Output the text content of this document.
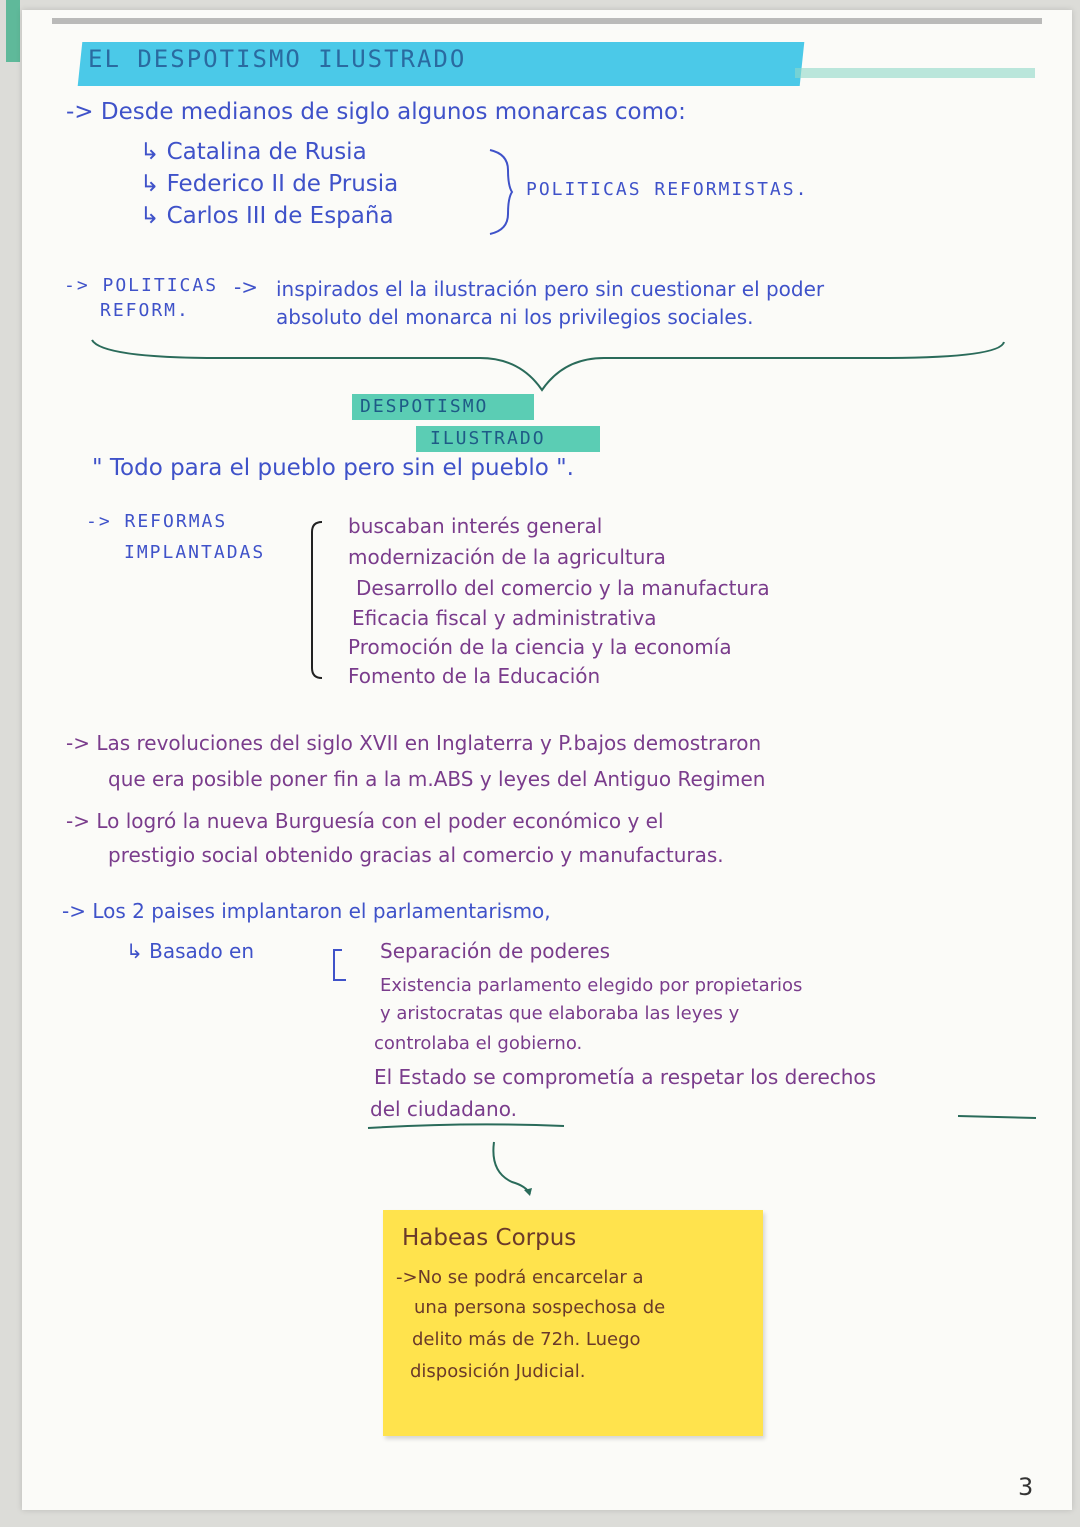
EL DESPOTISMO ILUSTRADO
-> Desde medianos de siglo algunos monarcas como:
↳ Catalina de Rusia
↳ Federico II de Prusia
↳ Carlos III de España
POLITICAS REFORMISTAS.
-> POLITICAS
REFORM.
-> inspirados el la ilustración pero sin cuestionar el poder
absoluto del monarca ni los privilegios sociales.
DESPOTISMO
ILUSTRADO
" Todo para el pueblo pero sin el pueblo ".
-> REFORMAS
IMPLANTADAS
buscaban interés general
modernización de la agricultura
Desarrollo del comercio y la manufactura
Eficacia fiscal y administrativa
Promoción de la ciencia y la economía
Fomento de la Educación
-> Las revoluciones del siglo XVII en Inglaterra y P.bajos demostraron
que era posible poner fin a la m.ABS y leyes del Antiguo Regimen
-> Lo logró la nueva Burguesía con el poder económico y el
prestigio social obtenido gracias al comercio y manufacturas.
-> Los 2 paises implantaron el parlamentarismo,
↳ Basado en	Separación de poderes
Existencia parlamento elegido por propietarios
y aristocratas que elaboraba las leyes y
controlaba el gobierno.
El Estado se comprometía a respetar los derechos
del ciudadano.
Habeas Corpus
->No se podrá encarcelar a
una persona sospechosa de
delito más de 72h. Luego
disposición Judicial.
3
